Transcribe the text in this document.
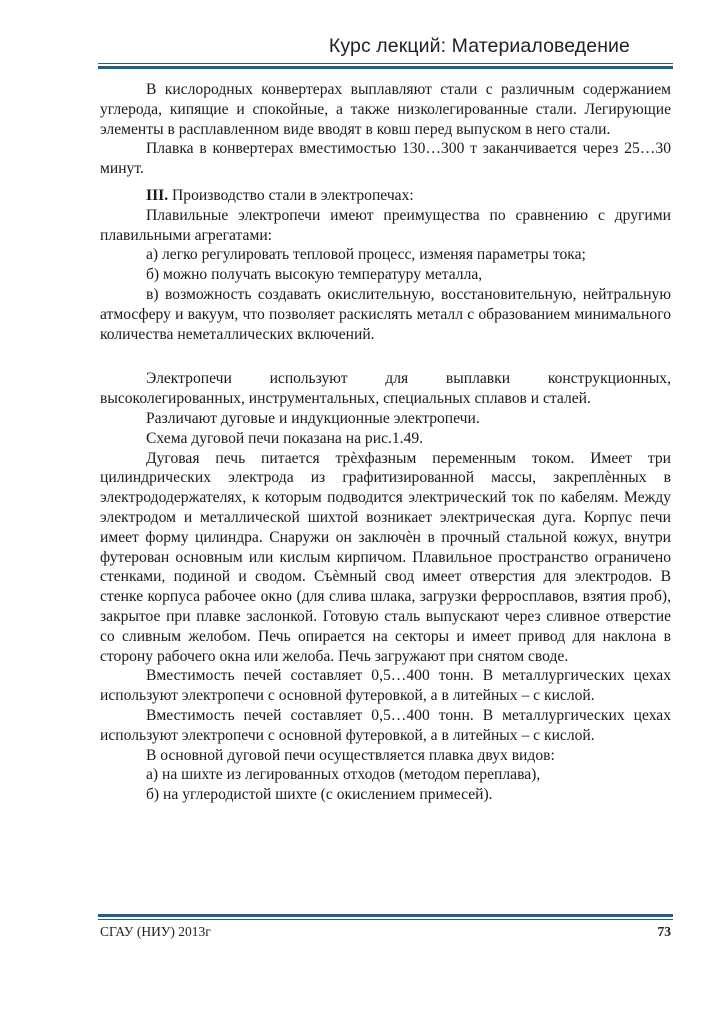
Курс лекций: Материаловедение

В кислородных конвертерах выплавляют стали с различным содержанием углерода, кипящие и спокойные, а также низколегированные стали. Легирующие элементы в расплавленном виде вводят в ковш перед выпуском в него стали.

Плавка в конвертерах вместимостью 130…300 т заканчивается через 25…30 минут.

III. Производство стали в электропечах:

Плавильные электропечи имеют преимущества по сравнению с другими плавильными агрегатами:

а) легко регулировать тепловой процесс, изменяя параметры тока;

б) можно получать высокую температуру металла,

в) возможность создавать окислительную, восстановительную, нейтральную атмосферу и вакуум, что позволяет раскислять металл с образованием минимального количества неметаллических включений.

Электропечи используют для выплавки конструкционных, высоколегированных, инструментальных, специальных сплавов и сталей.

Различают дуговые и индукционные электропечи.

Схема дуговой печи показана на рис.1.49.

Дуговая печь питается трѐхфазным переменным током. Имеет три цилиндрических электрода из графитизированной массы, закреплѐнных в электрододержателях, к которым подводится электрический ток по кабелям. Между электродом и металлической шихтой возникает электрическая дуга. Корпус печи имеет форму цилиндра. Снаружи он заключѐн в прочный стальной кожух, внутри футерован основным или кислым кирпичом. Плавильное пространство ограничено стенками, подиной и сводом. Съѐмный свод имеет отверстия для электродов. В стенке корпуса рабочее окно (для слива шлака, загрузки ферросплавов, взятия проб), закрытое при плавке заслонкой. Готовую сталь выпускают через сливное отверстие со сливным желобом. Печь опирается на секторы и имеет привод для наклона в сторону рабочего окна или желоба. Печь загружают при снятом своде.

Вместимость печей составляет 0,5…400 тонн. В металлургических цехах используют электропечи с основной футеровкой, а в литейных – с кислой.

Вместимость печей составляет 0,5…400 тонн. В металлургических цехах используют электропечи с основной футеровкой, а в литейных – с кислой.

В основной дуговой печи осуществляется плавка двух видов:

а) на шихте из легированных отходов (методом переплава),

б) на углеродистой шихте (с окислением примесей).

СГАУ (НИУ) 2013г	73
